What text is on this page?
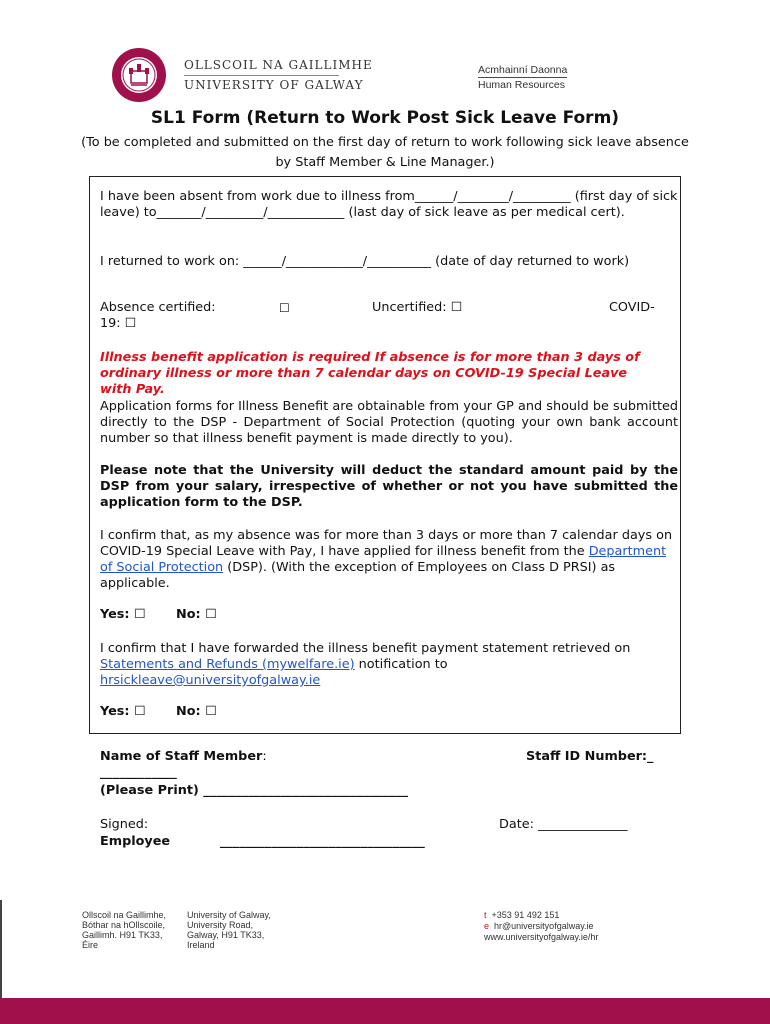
OLLSCOIL NA GAILLIMHE
UNIVERSITY OF GALWAY
Acmhainní Daonna
Human Resources
SL1 Form (Return to Work Post Sick Leave Form)
(To be completed and submitted on the first day of return to work following sick leave absence by Staff Member & Line Manager.)
I have been absent from work due to illness from______/________/_________ (first day of sick leave) to_______/_________/____________ (last day of sick leave as per medical cert).
I returned to work on: ______/____________/__________ (date of day returned to work)
Absence certified:	☐	Uncertified: ☐	COVID-
19: ☐
Illness benefit application is required If absence is for more than 3 days of ordinary illness or more than 7 calendar days on COVID-19 Special Leave with Pay.
Application forms for Illness Benefit are obtainable from your GP and should be submitted directly to the DSP - Department of Social Protection (quoting your own bank account number so that illness benefit payment is made directly to you).
Please note that the University will deduct the standard amount paid by the DSP from your salary, irrespective of whether or not you have submitted the application form to the DSP.
I confirm that, as my absence was for more than 3 days or more than 7 calendar days on COVID-19 Special Leave with Pay, I have applied for illness benefit from the Department of Social Protection (DSP). (With the exception of Employees on Class D PRSI) as applicable.
Yes: ☐ No: ☐
I confirm that I have forwarded the illness benefit payment statement retrieved on Statements and Refunds (mywelfare.ie) notification to
hrsickleave@universityofgalway.ie
Yes: ☐ No: ☐
Name of Staff Member:	Staff ID Number:_
____________
(Please Print) ________________________________
Signed:
Employee	________________________________
Date: ______________
Ollscoil na Gaillimhe,
Bóthar na hOllscoile,
Gaillimh. H91 TK33,
Éire
University of Galway,
University Road,
Galway, H91 TK33,
Ireland
t +353 91 492 151
e hr@universityofgalway.ie
www.universityofgalway.ie/hr
